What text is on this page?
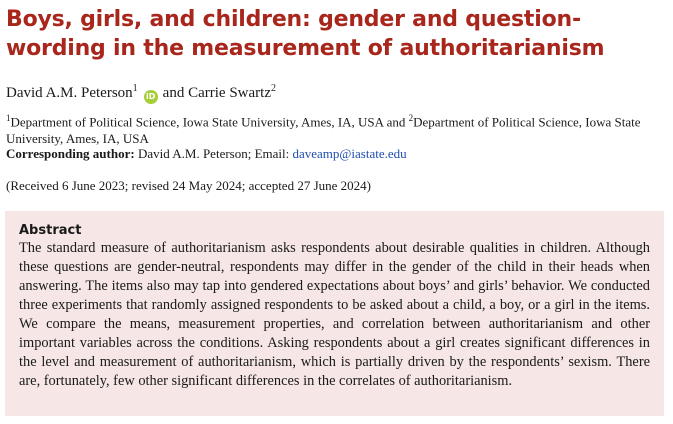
Boys, girls, and children: gender and question-wording in the measurement of authoritarianism
David A.M. Peterson$^1$iD and Carrie Swartz$^2$
$^1$Department of Political Science, Iowa State University, Ames, IA, USA and $^2$Department of Political Science, Iowa State University, Ames, IA, USA
Corresponding author: David A.M. Peterson; Email: daveamp@iastate.edu
(Received 6 June 2023; revised 24 May 2024; accepted 27 June 2024)
Abstract

The standard measure of authoritarianism asks respondents about desirable qualities in children. Although these questions are gender-neutral, respondents may differ in the gender of the child in their heads when answering. The items also may tap into gendered expectations about boys’ and girls’ behavior. We conducted three experiments that randomly assigned respondents to be asked about a child, a boy, or a girl in the items. We compare the means, measurement properties, and correlation between authoritarianism and other important variables across the conditions. Asking respondents about a girl creates significant differences in the level and measurement of authoritarianism, which is partially driven by the respondents’ sexism. There are, fortunately, few other significant differences in the correlates of authoritarianism.
